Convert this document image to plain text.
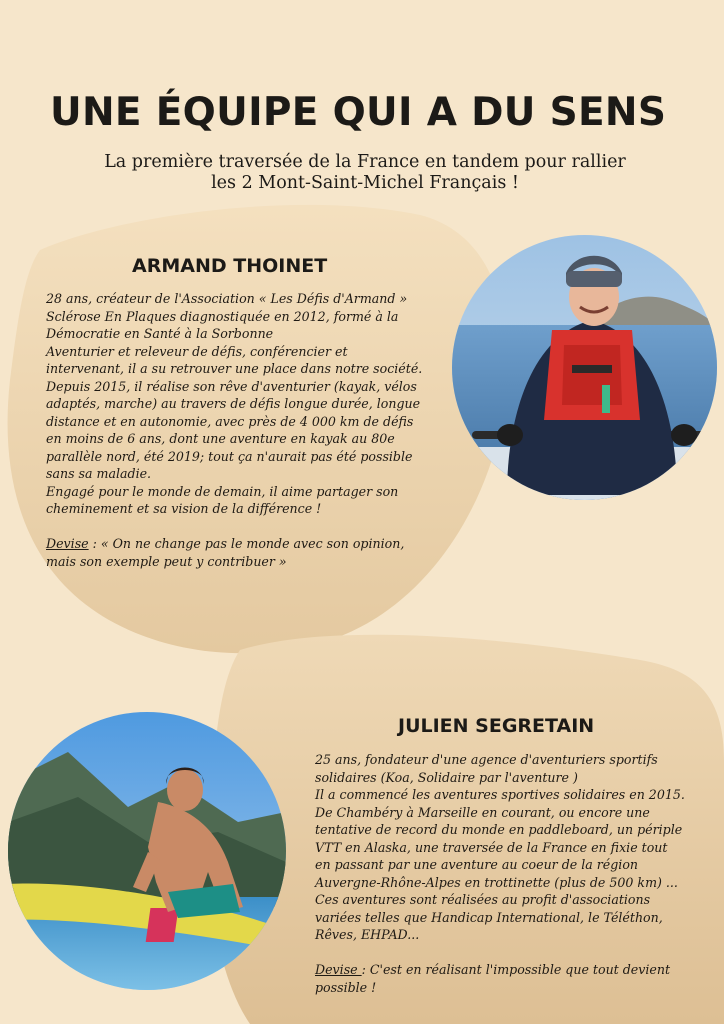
UNE ÉQUIPE QUI A DU SENS

La première traversée de la France en tandem pour rallier
les 2 Mont-Saint-Michel Français !

ARMAND THOINET
28 ans, créateur de l'Association « Les Défis d'Armand »
Sclérose En Plaques diagnostiquée en 2012, formé à la
Démocratie en Santé à la Sorbonne
Aventurier et releveur de défis, conférencier et
intervenant, il a su retrouver une place dans notre société.
Depuis 2015, il réalise son rêve d'aventurier (kayak, vélos
adaptés, marche) au travers de défis longue durée, longue
distance et en autonomie, avec près de 4 000 km de défis
en moins de 6 ans, dont une aventure en kayak au 80e
parallèle nord, été 2019; tout ça n'aurait pas été possible
sans sa maladie.
Engagé pour le monde de demain, il aime partager son
cheminement et sa vision de la différence !
Devise : « On ne change pas le monde avec son opinion,
mais son exemple peut y contribuer »
JULIEN SEGRETAIN
25 ans, fondateur d'une agence d'aventuriers sportifs
solidaires (Koa, Solidaire par l'aventure )
Il a commencé les aventures sportives solidaires en 2015.
De Chambéry à Marseille en courant, ou encore une
tentative de record du monde en paddleboard, un périple
VTT en Alaska, une traversée de la France en fixie tout
en passant par une aventure au coeur de la région
Auvergne-Rhône-Alpes en trottinette (plus de 500 km) ...
Ces aventures sont réalisées au profit d'associations
variées telles que Handicap International, le Téléthon,
Rêves, EHPAD...
Devise : C'est en réalisant l'impossible que tout devient
possible !
